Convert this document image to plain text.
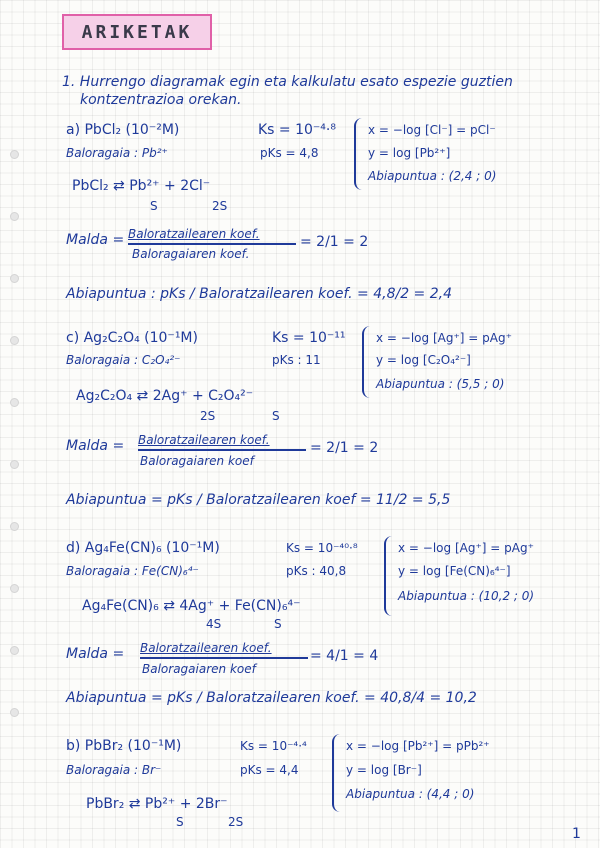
ARIKETAK
1. Hurrengo diagramak egin eta kalkulatu esato espezie guztien
kontzentrazioa orekan.
a) PbCl₂ (10⁻²M)	Ks = 10⁻⁴·⁸
Baloragaia : Pb²⁺	pKs = 4,8
x = −log [Cl⁻] = pCl⁻
y = log [Pb²⁺]
Abiapuntua : (2,4 ; 0)
PbCl₂ ⇄ Pb²⁺ + 2Cl⁻
S	2S
Malda = Baloratzailearen koef.
Baloragaiaren koef.
= 2/1 = 2
Abiapuntua : pKs / Baloratzailearen koef. = 4,8/2 = 2,4
c) Ag₂C₂O₄ (10⁻¹M)	Ks = 10⁻¹¹
Baloragaia : C₂O₄²⁻	pKs : 11
x = −log [Ag⁺] = pAg⁺
y = log [C₂O₄²⁻]
Abiapuntua : (5,5 ; 0)
Ag₂C₂O₄ ⇄ 2Ag⁺ + C₂O₄²⁻
2S	S
Malda = Baloratzailearen koef.
Baloragaiaren koef
= 2/1 = 2
Abiapuntua = pKs / Baloratzailearen koef = 11/2 = 5,5
d) Ag₄Fe(CN)₆ (10⁻¹M)	Ks = 10⁻⁴⁰·⁸
Baloragaia : Fe(CN)₆⁴⁻	pKs : 40,8
x = −log [Ag⁺] = pAg⁺
y = log [Fe(CN)₆⁴⁻]
Abiapuntua : (10,2 ; 0)
Ag₄Fe(CN)₆ ⇄ 4Ag⁺ + Fe(CN)₆⁴⁻
4S	S
Malda = Baloratzailearen koef.
Baloragaiaren koef
= 4/1 = 4
Abiapuntua = pKs / Baloratzailearen koef. = 40,8/4 = 10,2
b) PbBr₂ (10⁻¹M)	Ks = 10⁻⁴·⁴
Baloragaia : Br⁻	pKs = 4,4
x = −log [Pb²⁺] = pPb²⁺
y = log [Br⁻]
Abiapuntua : (4,4 ; 0)
PbBr₂ ⇄ Pb²⁺ + 2Br⁻
S	2S
1
